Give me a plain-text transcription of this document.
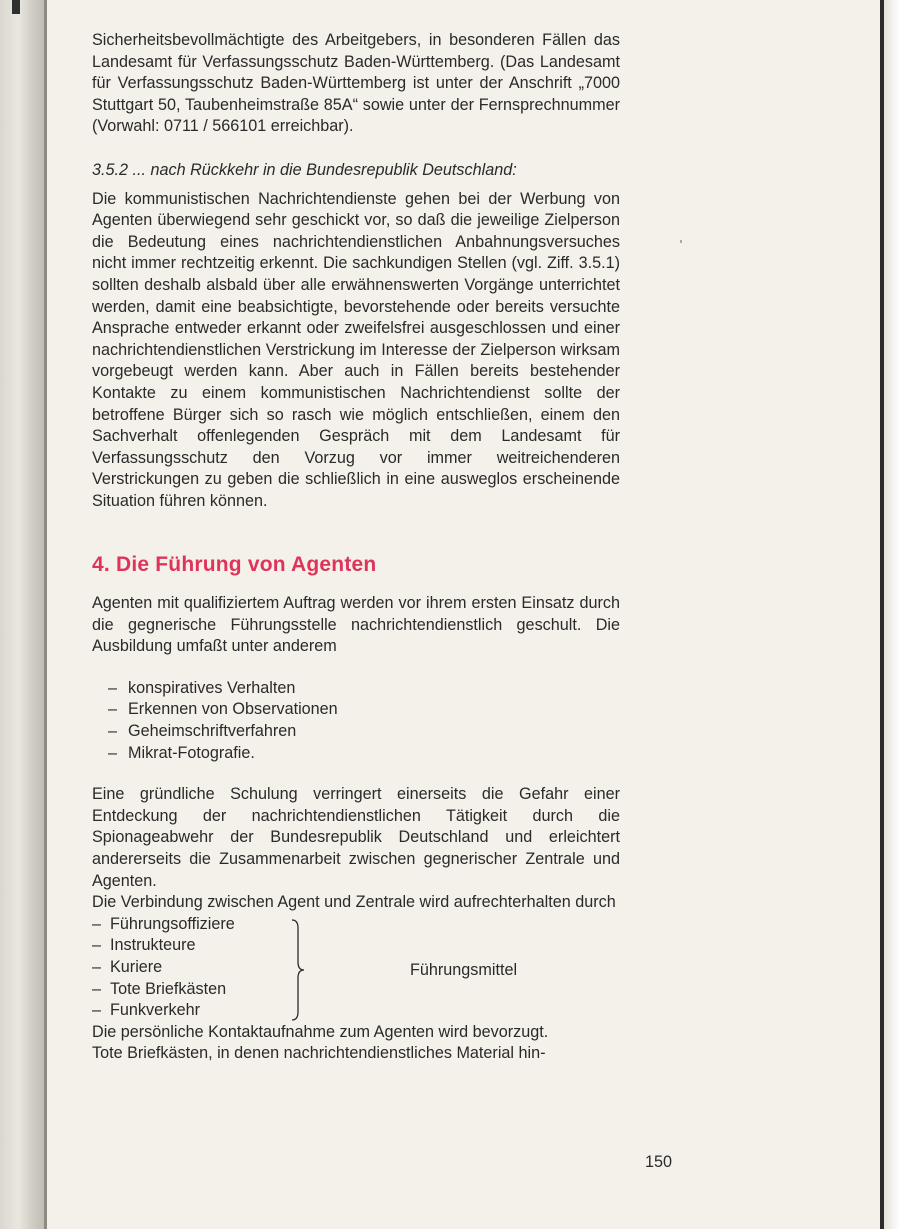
Sicherheitsbevollmächtigte des Arbeitgebers, in besonderen Fällen das Landesamt für Verfassungsschutz Baden-Württemberg. (Das Landesamt für Verfassungsschutz Baden-Württemberg ist unter der Anschrift „7000 Stuttgart 50, Taubenheimstraße 85A“ sowie unter der Fernsprechnummer (Vorwahl: 0711 / 566101 erreichbar).

3.5.2 ... nach Rückkehr in die Bundesrepublik Deutschland:

Die kommunistischen Nachrichtendienste gehen bei der Werbung von Agenten überwiegend sehr geschickt vor, so daß die jeweilige Zielperson die Bedeutung eines nachrichtendienstlichen Anbahnungsversuches nicht immer rechtzeitig erkennt. Die sachkundigen Stellen (vgl. Ziff. 3.5.1) sollten deshalb alsbald über alle erwähnenswerten Vorgänge unterrichtet werden, damit eine beabsichtigte, bevorstehende oder bereits versuchte Ansprache entweder erkannt oder zweifelsfrei ausgeschlossen und einer nachrichtendienstlichen Verstrickung im Interesse der Zielperson wirksam vorgebeugt werden kann. Aber auch in Fällen bereits bestehender Kontakte zu einem kommunistischen Nachrichtendienst sollte der betroffene Bürger sich so rasch wie möglich entschließen, einem den Sachverhalt offenlegenden Gespräch mit dem Landesamt für Verfassungsschutz den Vorzug vor immer weitreichenderen Verstrickungen zu geben die schließlich in eine ausweglos erscheinende Situation führen können.

4. Die Führung von Agenten

Agenten mit qualifiziertem Auftrag werden vor ihrem ersten Einsatz durch die gegnerische Führungsstelle nachrichtendienstlich geschult. Die Ausbildung umfaßt unter anderem

– konspiratives Verhalten
– Erkennen von Observationen
– Geheimschriftverfahren
– Mikrat-Fotografie.

Eine gründliche Schulung verringert einerseits die Gefahr einer Entdeckung der nachrichtendienstlichen Tätigkeit durch die Spionageabwehr der Bundesrepublik Deutschland und erleichtert andererseits die Zusammenarbeit zwischen gegnerischer Zentrale und Agenten.

Die Verbindung zwischen Agent und Zentrale wird aufrechterhalten durch

– Führungsoffiziere
– Instrukteure
– Kuriere
– Tote Briefkästen
– Funkverkehr
Führungsmittel

Die persönliche Kontaktaufnahme zum Agenten wird bevorzugt.

Tote Briefkästen, in denen nachrichtendienstliches Material hin-

150
